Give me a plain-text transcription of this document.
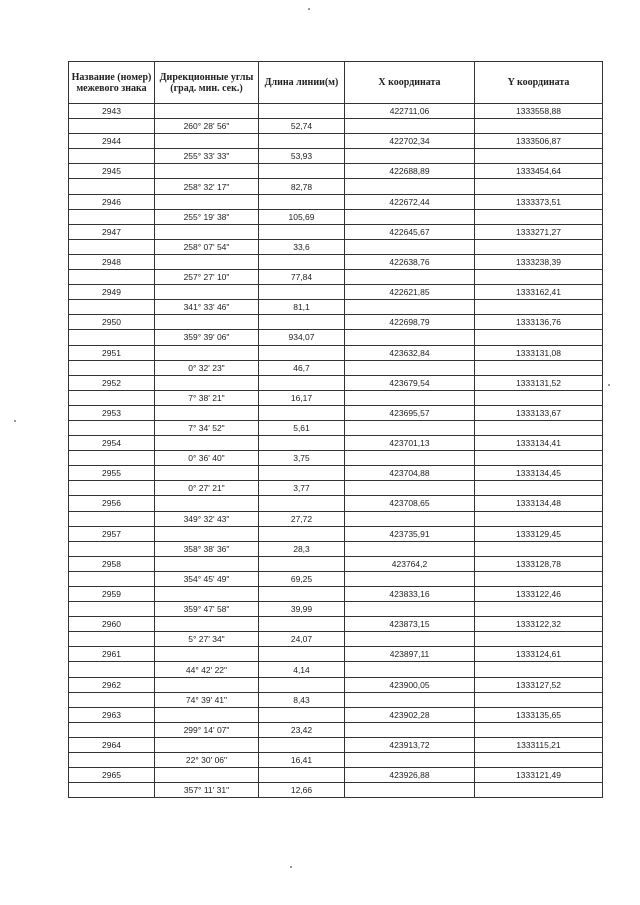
Название (номер) межевого знака	Дирекционные углы (град. мин. сек.)	Длина линии(м)	X координата	Y координата
2943			422711,06	1333558,88
	260° 28' 56"	52,74		
2944			422702,34	1333506,87
	255° 33' 33"	53,93		
2945			422688,89	1333454,64
	258° 32' 17"	82,78		
2946			422672,44	1333373,51
	255° 19' 38"	105,69		
2947			422645,67	1333271,27
	258° 07' 54"	33,6		
2948			422638,76	1333238,39
	257° 27' 10"	77,84		
2949			422621,85	1333162,41
	341° 33' 46"	81,1		
2950			422698,79	1333136,76
	359° 39' 06"	934,07		
2951			423632,84	1333131,08
	0° 32' 23"	46,7		
2952			423679,54	1333131,52
	7° 38' 21"	16,17		
2953			423695,57	1333133,67
	7° 34' 52"	5,61		
2954			423701,13	1333134,41
	0° 36' 40"	3,75		
2955			423704,88	1333134,45
	0° 27' 21"	3,77		
2956			423708,65	1333134,48
	349° 32' 43"	27,72		
2957			423735,91	1333129,45
	358° 38' 36"	28,3		
2958			423764,2	1333128,78
	354° 45' 49"	69,25		
2959			423833,16	1333122,46
	359° 47' 58"	39,99		
2960			423873,15	1333122,32
	5° 27' 34"	24,07		
2961			423897,11	1333124,61
	44° 42' 22"	4,14		
2962			423900,05	1333127,52
	74° 39' 41"	8,43		
2963			423902,28	1333135,65
	299° 14' 07"	23,42		
2964			423913,72	1333115,21
	22° 30' 06"	16,41		
2965			423926,88	1333121,49
	357° 11' 31"	12,66		
